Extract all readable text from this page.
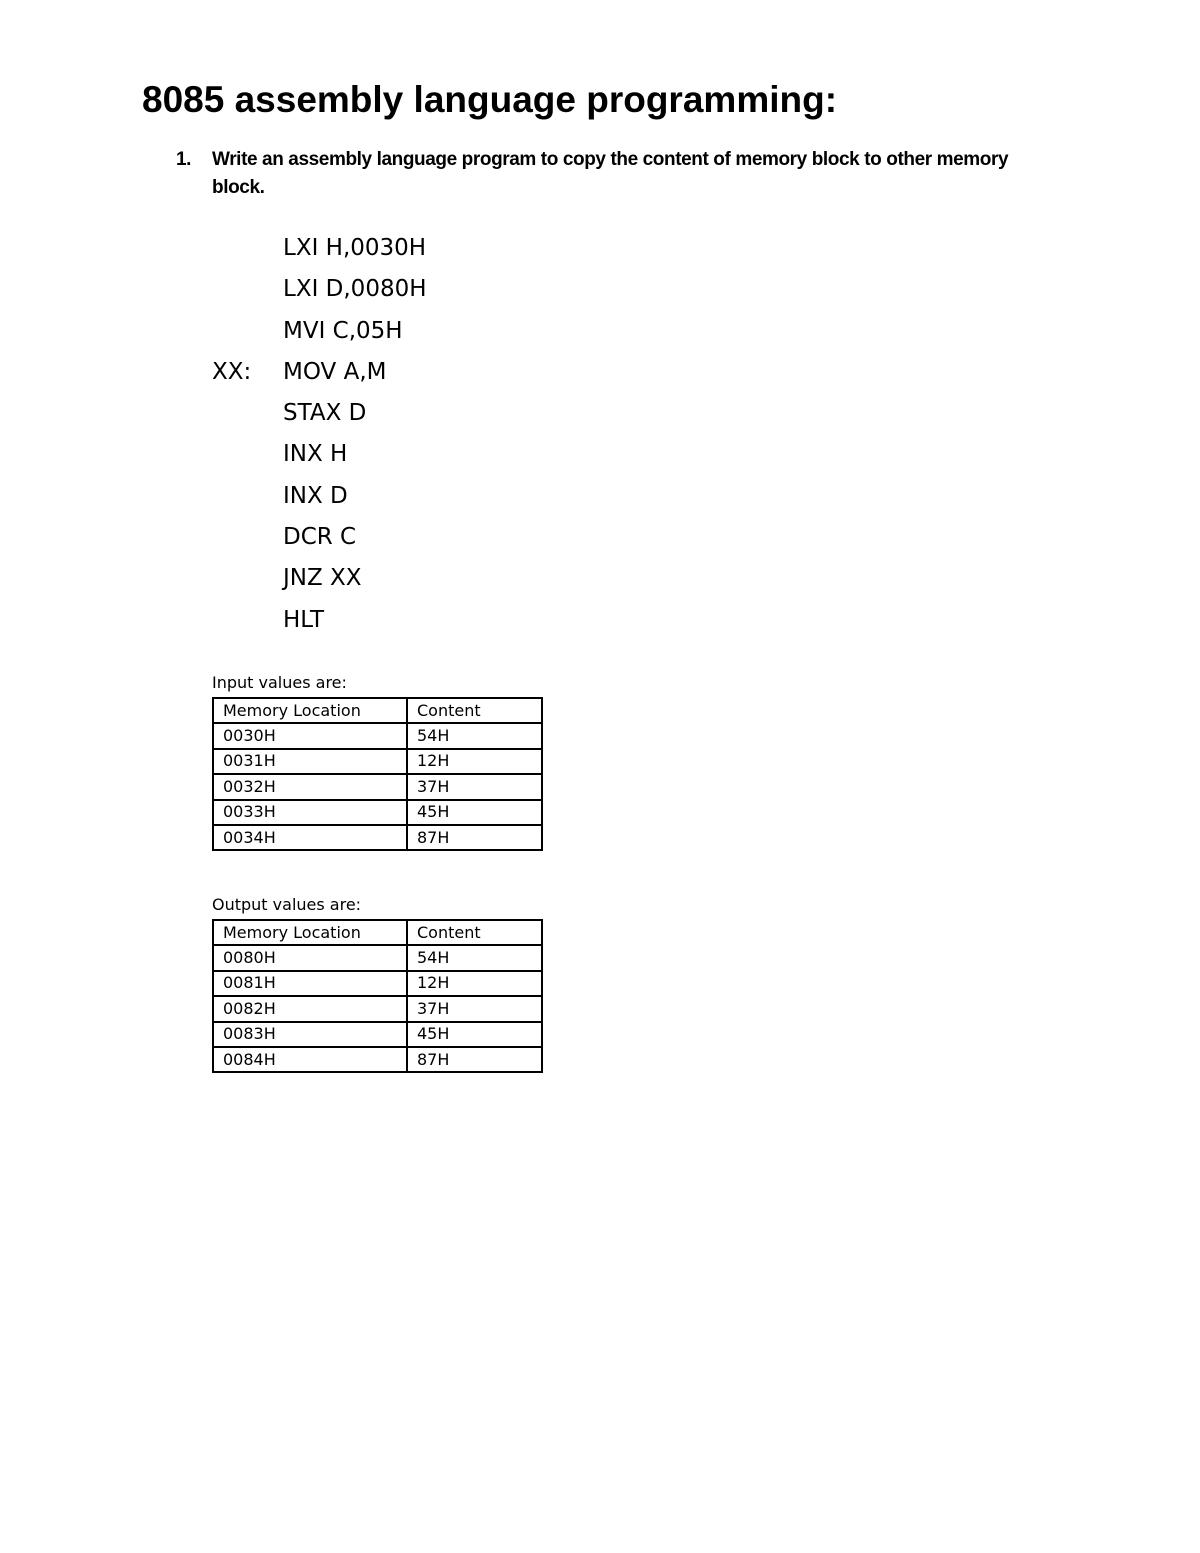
8085 assembly language programming:
1. Write an assembly language program to copy the content of memory block to other memory block.
LXI H,0030H
LXI D,0080H
MVI C,05H
XX: MOV A,M
STAX D
INX H
INX D
DCR C
JNZ XX
HLT
Input values are:
Memory Location	Content
0030H	54H
0031H	12H
0032H	37H
0033H	45H
0034H	87H
Output values are:
Memory Location	Content
0080H	54H
0081H	12H
0082H	37H
0083H	45H
0084H	87H
